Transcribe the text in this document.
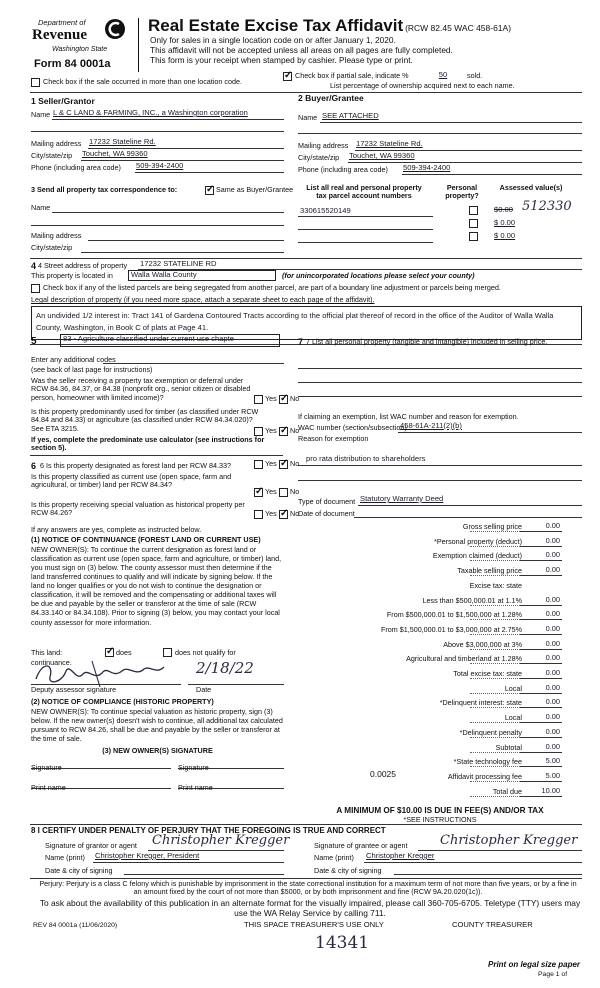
Department of
Revenue
Washington State
Form 84 0001a
Real Estate Excise Tax Affidavit (RCW 82.45 WAC 458-61A)
Only for sales in a single location code on or after January 1, 2020.
This affidavit will not be accepted unless all areas on all pages are fully completed.
This form is your receipt when stamped by cashier. Please type or print.
Check box if the sale occurred in more than one location code.
✓
Check box if partial sale, indicate %	50	sold.
List percentage of ownership acquired next to each name.
1 Seller/Grantor
Name L & C LAND & FARMING, INC., a Washington corporation
Mailing address 17232 Stateline Rd.
City/state/zip Touchet, WA 99360
Phone (including area code) 509-394-2400
2 Buyer/Grantee
Name SEE ATTACHED
Mailing address 17232 Stateline Rd.
City/state/zip Touchet, WA 99360
Phone (including area code) 509-394-2400
3 Send all property tax correspondence to: ✓	Same as Buyer/Grantee
Name
Mailing address
City/state/zip
List all real and personal property tax parcel account numbers
Personal property?
Assessed value(s)
330615520149	$0.00 512330
$ 0.00
$ 0.00
4 4 Street address of property 17232 STATELINE RD
This property is located in	Walla Walla County	(for unincorporated locations please select your county)
Check box if any of the listed parcels are being segregated from another parcel, are part of a boundary line adjustment or parcels being merged.
Legal description of property (if you need more space, attach a separate sheet to each page of the affidavit).
An undivided 1/2 interest in: Tract 141 of Gardena Contoured Tracts according to the official plat thereof of record in the office of the Auditor of Walla Walla County, Washington, in Book C of plats at Page 41.
5	83 - Agriculture classified under current use chapte
Enter any additional codes
(see back of last page for instructions)
Was the seller receiving a property tax exemption or deferral under RCW 84.36, 84.37, or 84.38 (nonprofit org., senior citizen or disabled person, homeowner with limited income)?	Yes ✓ No
Is this property predominantly used for timber (as classified under RCW 84.84 and 84.33) or agriculture (as classified under RCW 84.34.020)? See ETA 3215.	Yes ✓ No
If yes, complete the predominate use calculator (see instructions for section 5).
6 6 Is this property designated as forest land per RCW 84.33?	Yes ✓ No
Is this property classified as current use (open space, farm and agricultural, or timber) land per RCW 84.34?
✓
Yes No
Is this property receiving special valuation as historical property per RCW 84.26?	Yes ✓ No
If any answers are yes, complete as instructed below.
(1) NOTICE OF CONTINUANCE (FOREST LAND OR CURRENT USE)
NEW OWNER(S): To continue the current designation as forest land or classification as current use (open space, farm and agriculture, or timber) land, you must sign on (3) below. The county assessor must then determine if the land transferred continues to qualify and will indicate by signing below. If the land no longer qualifies or you do not wish to continue the designation or classification, it will be removed and the compensating or additional taxes will be due and payable by the seller or transferor at the time of sale (RCW 84.33.140 or 84.34.108). Prior to signing (3) below, you may contact your local county assessor for more information.
This land: ✓	does	does not qualify for
continuance.	2/18/22
Deputy assessor signature	Date
(2) NOTICE OF COMPLIANCE (HISTORIC PROPERTY)
NEW OWNER(S): To continue special valuation as historic property, sign (3) below. If the new owner(s) doesn't wish to continue, all additional tax calculated pursuant to RCW 84.26, shall be due and payable by the seller or transferor at the time of sale.
(3) NEW OWNER(S) SIGNATURE
Signature	Signature
Print name	Print name
7 7 List all personal property (tangible and intangible) included in selling price.
If claiming an exemption, list WAC number and reason for exemption.
WAC number (section/subsection)
458-61A-211(2)(b)
Reason for exemption
pro rata distribution to shareholders
Type of document Statutory Warranty Deed
Date of document
Gross selling price	0.00
*Personal property (deduct)	0.00
Exemption claimed (deduct)	0.00
Taxable selling price	0.00
Excise tax: state
Less than $500,000.01 at 1.1%	0.00
From $500,000.01 to $1,500,000 at 1.28%	0.00
From $1,500,000.01 to $3,000,000 at 2.75%	0.00
Above $3,000,000 at 3%	0.00
Agricultural and timberland at 1.28%	0.00
Total excise tax: state	0.00
Local	0.00
*Delinquent interest: state	0.00
Local	0.00
*Delinquent penalty	0.00
Subtotal	0.00
*State technology fee	5.00
Affidavit processing fee	5.00
Total due	10.00
0.0025
A MINIMUM OF $10.00 IS DUE IN FEE(S) AND/OR TAX
*SEE INSTRUCTIONS
8 I CERTIFY UNDER PENALTY OF PERJURY THAT THE FOREGOING IS TRUE AND CORRECT
Signature of grantor or agent Christopher Kregger
Name (print) Christopher Kregger, President
Date & city of signing
Signature of grantee or agent Christopher Kregger
Name (print) Christopher Kregger
Date & city of signing
Perjury: Perjury is a class C felony which is punishable by imprisonment in the state correctional institution for a maximum term of not more than five years, or by a fine in an amount fixed by the court of not more than $5000, or by both imprisonment and fine (RCW 9A.20.020(1c)).
To ask about the availability of this publication in an alternate format for the visually impaired, please call 360-705-6705. Teletype (TTY) users may use the WA Relay Service by calling 711.
REV 84 0001a (11/06/2020)	THIS SPACE TREASURER'S USE ONLY	COUNTY TREASURER
14341
Print on legal size paper
Page 1 of
